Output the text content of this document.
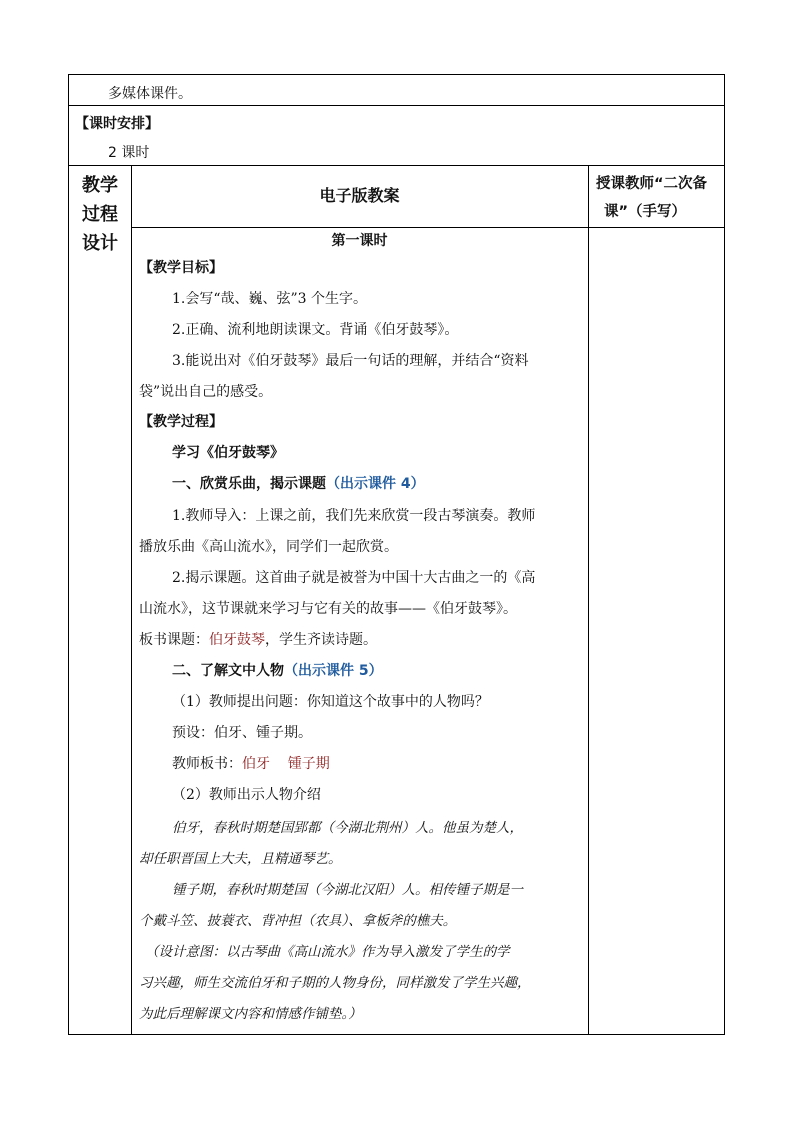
多媒体课件。
【课时安排】
2 课时
教学
过程
设计
电子版教案
授课教师“二次备
课”（手写）
第一课时
【教学目标】
1.会写“哉、巍、弦”3 个生字。
2.正确、流利地朗读课文。背诵《伯牙鼓琴》。
3.能说出对《伯牙鼓琴》最后一句话的理解，并结合“资料
袋”说出自己的感受。
【教学过程】
学习《伯牙鼓琴》
一、欣赏乐曲，揭示课题（出示课件 4）
1.教师导入：上课之前，我们先来欣赏一段古琴演奏。教师
播放乐曲《高山流水》，同学们一起欣赏。
2.揭示课题。这首曲子就是被誉为中国十大古曲之一的《高
山流水》，这节课就来学习与它有关的故事——《伯牙鼓琴》。
板书课题：伯牙鼓琴，学生齐读诗题。
二、了解文中人物（出示课件 5）
（1）教师提出问题：你知道这个故事中的人物吗？
预设：伯牙、锺子期。
教师板书：伯牙    锺子期
（2）教师出示人物介绍
伯牙，春秋时期楚国郢都（今湖北荆州）人。他虽为楚人，
却任职晋国上大夫，且精通琴艺。
锺子期，春秋时期楚国（今湖北汉阳）人。相传锺子期是一
个戴斗笠、披蓑衣、背冲担（农具）、拿板斧的樵夫。
（设计意图：以古琴曲《高山流水》作为导入激发了学生的学
习兴趣，师生交流伯牙和子期的人物身份，同样激发了学生兴趣，
为此后理解课文内容和情感作铺垫。）
